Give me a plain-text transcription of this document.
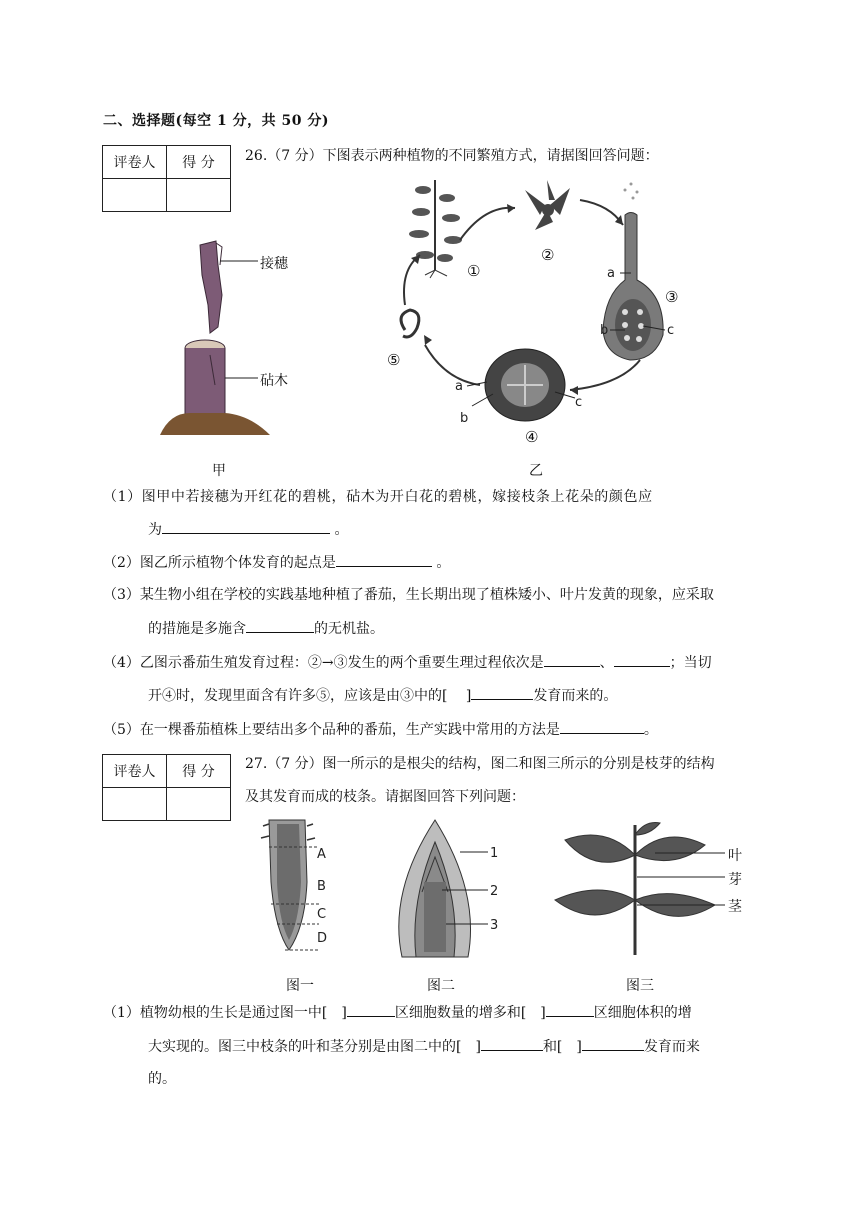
二、选择题(每空 1 分，共 50 分)
评卷人	得 分
	26.（7 分）下图表示两种植物的不同繁殖方式，请据图回答问题：
接穗
砧木
甲
①
②
③
④
⑤
a
b	c
a
b
c
乙
（1）图甲中若接穗为开红花的碧桃，砧木为开白花的碧桃，嫁接枝条上花朵的颜色应
为	。
（2）图乙所示植物个体发育的起点是	。
（3）某生物小组在学校的实践基地种植了番茄，生长期出现了植株矮小、叶片发黄的现象，应采取
的措施是多施含	的无机盐。
（4）乙图示番茄生殖发育过程：②→③发生的两个重要生理过程依次是	、	；当切
开④时，发现里面含有许多⑤，应该是由③中的[　 ]	发育而来的。
（5）在一棵番茄植株上要结出多个品种的番茄，生产实践中常用的方法是	。
评卷人	得 分
	27.（7 分）图一所示的是根尖的结构，图二和图三所示的分别是枝芽的结构
及其发育而成的枝条。请据图回答下列问题：
A
B
C
D
图一
1
2
3
图二
叶
芽
茎
图三
（1）植物幼根的生长是通过图一中[　]	区细胞数量的增多和[　]	区细胞体积的增
大实现的。图三中枝条的叶和茎分别是由图二中的[　]	和[　]	发育而来
的。
